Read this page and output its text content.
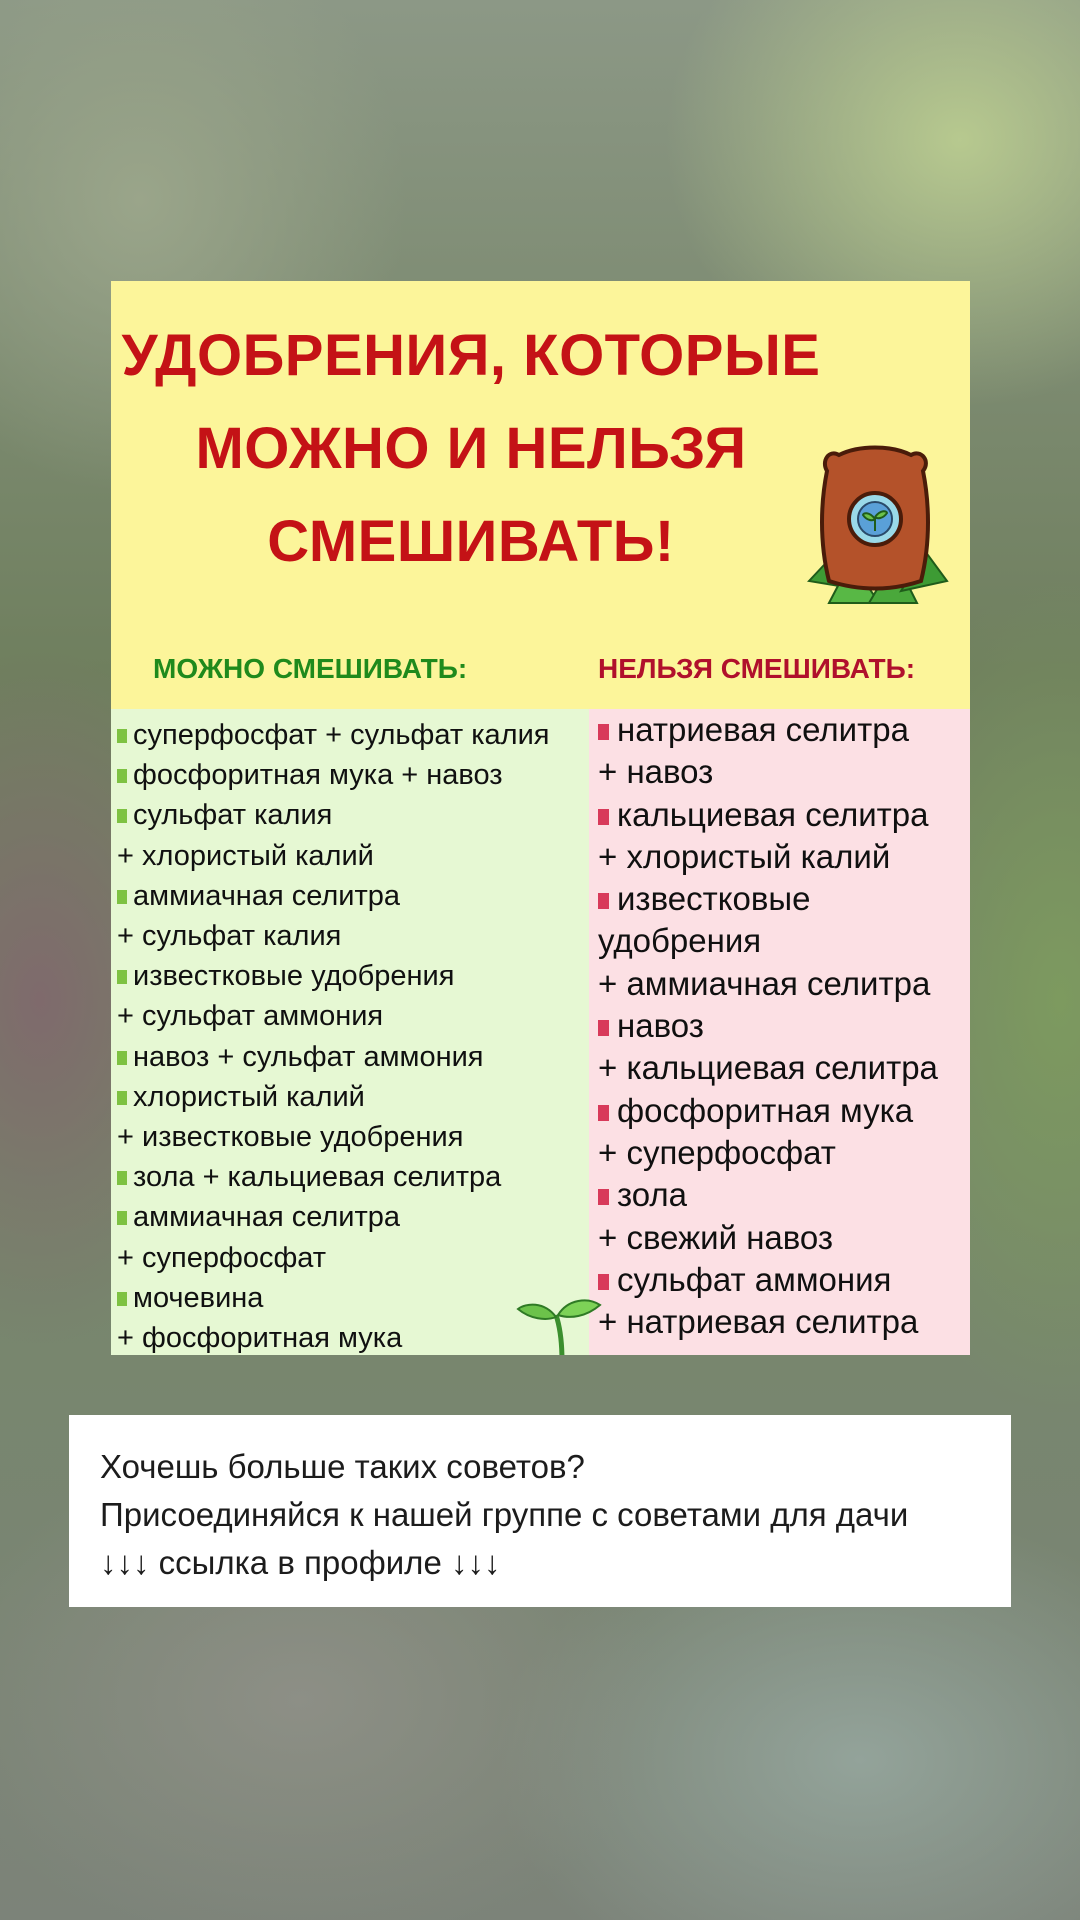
УДОБРЕНИЯ, КОТОРЫЕ
МОЖНО И НЕЛЬЗЯ
СМЕШИВАТЬ!
МОЖНО СМЕШИВАТЬ:	НЕЛЬЗЯ СМЕШИВАТЬ:
суперфосфат + сульфат калия
фосфоритная мука + навоз
сульфат калия
+ хлористый калий
аммиачная селитра
+ сульфат калия
известковые удобрения
+ сульфат аммония
навоз + сульфат аммония
хлористый калий
+ известковые удобрения
зола + кальциевая селитра
аммиачная селитра
+ суперфосфат
мочевина
+ фосфоритная мука
натриевая селитра
+ навоз
кальциевая селитра
+ хлористый калий
известковые
удобрения
+ аммиачная селитра
навоз
+ кальциевая селитра
фосфоритная мука
+ суперфосфат
зола
+ свежий навоз
сульфат аммония
+ натриевая селитра

Хочешь больше таких советов?

Присоединяйся к нашей группе с советами для дачи

↓↓↓ ссылка в профиле ↓↓↓
